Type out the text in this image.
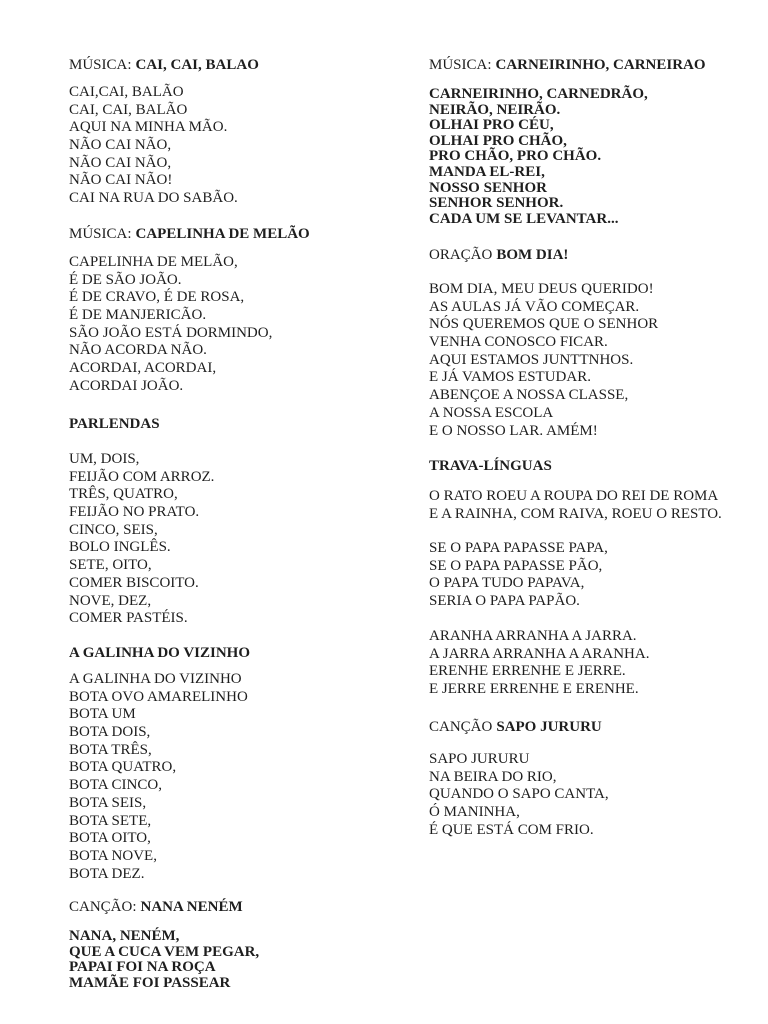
MÚSICA: CAI, CAI, BALAO
CAI,CAI, BALÃO
CAI, CAI, BALÃO
AQUI NA MINHA MÃO.
NÃO CAI NÃO,
NÃO CAI NÃO,
NÃO CAI NÃO!
CAI NA RUA DO SABÃO.
MÚSICA: CAPELINHA DE MELÃO
CAPELINHA DE MELÃO,
É DE SÃO JOÃO.
É DE CRAVO, É DE ROSA,
É DE MANJERICÃO.
SÃO JOÃO ESTÁ DORMINDO,
NÃO ACORDA NÃO.
ACORDAI, ACORDAI,
ACORDAI JOÃO.
PARLENDAS
UM, DOIS,
FEIJÃO COM ARROZ.
TRÊS, QUATRO,
FEIJÃO NO PRATO.
CINCO, SEIS,
BOLO INGLÊS.
SETE, OITO,
COMER BISCOITO.
NOVE, DEZ,
COMER PASTÉIS.
A GALINHA DO VIZINHO
A GALINHA DO VIZINHO
BOTA OVO AMARELINHO
BOTA UM
BOTA DOIS,
BOTA TRÊS,
BOTA QUATRO,
BOTA CINCO,
BOTA SEIS,
BOTA SETE,
BOTA OITO,
BOTA NOVE,
BOTA DEZ.
CANÇÃO: NANA NENÉM
NANA, NENÉM,
QUE A CUCA VEM PEGAR,
PAPAI FOI NA ROÇA
MAMÃE FOI PASSEAR
MÚSICA: CARNEIRINHO, CARNEIRAO
CARNEIRINHO, CARNEDRÃO,
NEIRÃO, NEIRÃO.
OLHAI PRO CÉU,
OLHAI PRO CHÃO,
PRO CHÃO, PRO CHÃO.
MANDA EL-REI,
NOSSO SENHOR
SENHOR SENHOR.
CADA UM SE LEVANTAR...
ORAÇÃO BOM DIA!
BOM DIA, MEU DEUS QUERIDO!
AS AULAS JÁ VÃO COMEÇAR.
NÓS QUEREMOS QUE O SENHOR
VENHA CONOSCO FICAR.
AQUI ESTAMOS JUNTTNHOS.
E JÁ VAMOS ESTUDAR.
ABENÇOE A NOSSA CLASSE,
A NOSSA ESCOLA
E O NOSSO LAR. AMÉM!
TRAVA-LÍNGUAS
O RATO ROEU A ROUPA DO REI DE ROMA
E A RAINHA, COM RAIVA, ROEU O RESTO.
SE O PAPA PAPASSE PAPA,
SE O PAPA PAPASSE PÃO,
O PAPA TUDO PAPAVA,
SERIA O PAPA PAPÃO.
ARANHA ARRANHA A JARRA.
A JARRA ARRANHA A ARANHA.
ERENHE ERRENHE E JERRE.
E JERRE ERRENHE E ERENHE.
CANÇÃO SAPO JURURU
SAPO JURURU
NA BEIRA DO RIO,
QUANDO O SAPO CANTA,
Ó MANINHA,
É QUE ESTÁ COM FRIO.
